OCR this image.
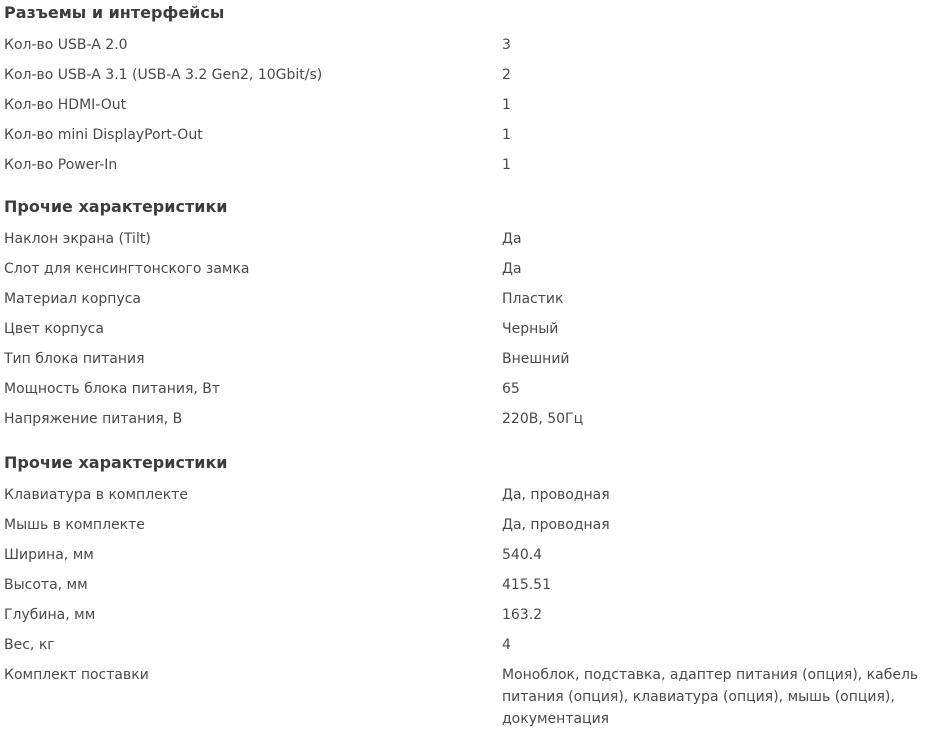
Разъемы и интерфейсы
Кол-во USB-A 2.0	3
Кол-во USB-A 3.1 (USB-A 3.2 Gen2, 10Gbit/s)	2
Кол-во HDMI-Out	1
Кол-во mini DisplayPort-Out	1
Кол-во Power-In	1
Прочие характеристики
Наклон экрана (Tilt)	Да
Слот для кенсингтонского замка	Да
Материал корпуса	Пластик
Цвет корпуса	Черный
Тип блока питания	Внешний
Мощность блока питания, Вт	65
Напряжение питания, В	220В, 50Гц
Прочие характеристики
Клавиатура в комплекте	Да, проводная
Мышь в комплекте	Да, проводная
Ширина, мм	540.4
Высота, мм	415.51
Глубина, мм	163.2
Вес, кг	4
Комплект поставки	Моноблок, подставка, адаптер питания (опция), кабель питания (опция), клавиатура (опция), мышь (опция), документация
